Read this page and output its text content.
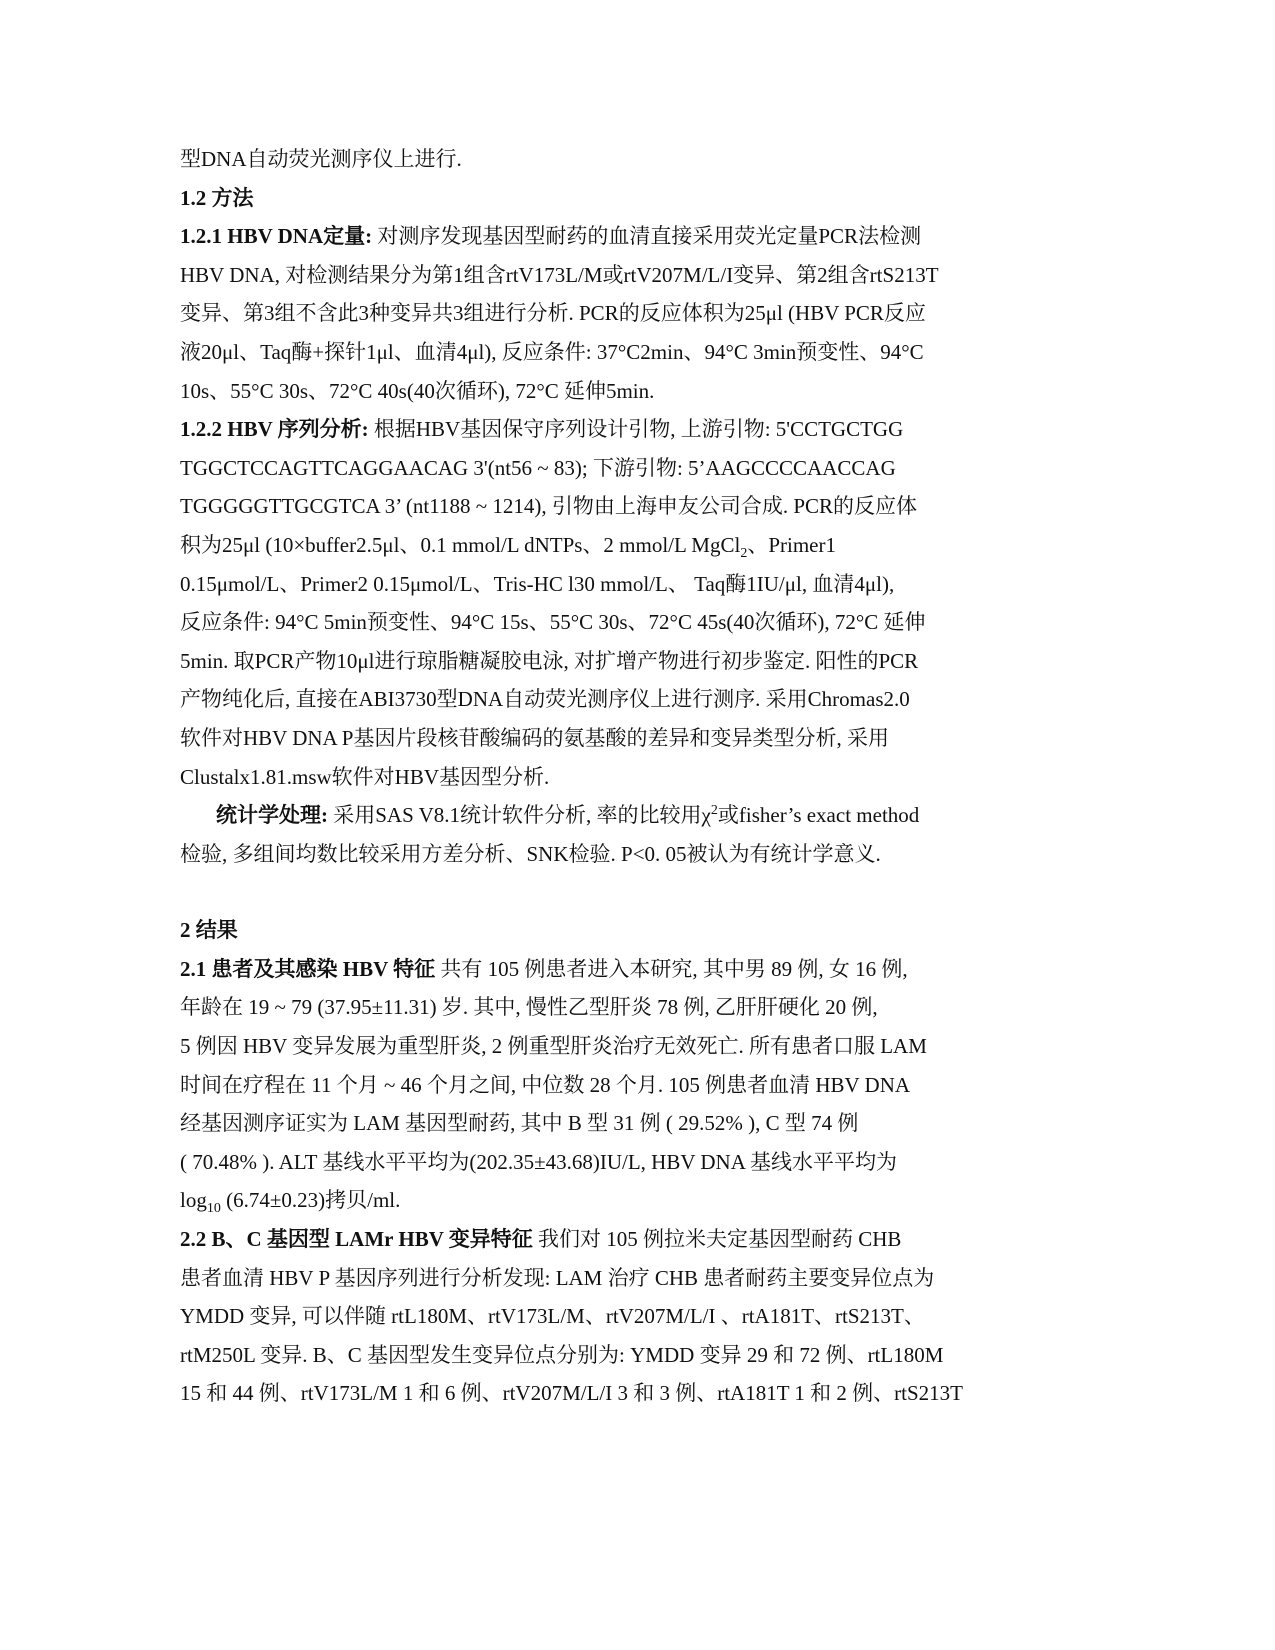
型DNA自动荧光测序仪上进行.
1.2 方法
1.2.1 HBV DNA定量: 对测序发现基因型耐药的血清直接采用荧光定量PCR法检测
HBV DNA, 对检测结果分为第1组含rtV173L/M或rtV207M/L/I变异、第2组含rtS213T
变异、第3组不含此3种变异共3组进行分析. PCR的反应体积为25μl (HBV PCR反应
液20μl、Taq酶+探针1μl、血清4μl), 反应条件: 37°C2min、94°C 3min预变性、94°C
10s、55°C 30s、72°C 40s(40次循环), 72°C 延伸5min.
1.2.2 HBV 序列分析: 根据HBV基因保守序列设计引物, 上游引物: 5'CCTGCTGG
TGGCTCCAGTTCAGGAACAG 3'(nt56 ~ 83); 下游引物: 5’AAGCCCCAACCAG
TGGGGGTTGCGTCA 3’ (nt1188 ~ 1214), 引物由上海申友公司合成. PCR的反应体
积为25μl (10×buffer2.5μl、0.1 mmol/L dNTPs、2 mmol/L MgCl$_2$、Primer1
0.15μmol/L、Primer2 0.15μmol/L、Tris-HC l30 mmol/L、 Taq酶1IU/μl, 血清4μl),
反应条件: 94°C 5min预变性、94°C 15s、55°C 30s、72°C 45s(40次循环), 72°C 延伸
5min. 取PCR产物10μl进行琼脂糖凝胶电泳, 对扩增产物进行初步鉴定. 阳性的PCR
产物纯化后, 直接在ABI3730型DNA自动荧光测序仪上进行测序. 采用Chromas2.0
软件对HBV DNA P基因片段核苷酸编码的氨基酸的差异和变异类型分析, 采用
Clustalx1.81.msw软件对HBV基因型分析.
统计学处理: 采用SAS V8.1统计软件分析, 率的比较用$\chi^2$或fisher’s exact method
检验, 多组间均数比较采用方差分析、SNK检验. P<0. 05被认为有统计学意义.
2 结果
2.1 患者及其感染 HBV 特征 共有 105 例患者进入本研究, 其中男 89 例, 女 16 例,
年龄在 19 ~ 79 (37.95±11.31) 岁. 其中, 慢性乙型肝炎 78 例, 乙肝肝硬化 20 例,
5 例因 HBV 变异发展为重型肝炎, 2 例重型肝炎治疗无效死亡. 所有患者口服 LAM
时间在疗程在 11 个月 ~ 46 个月之间, 中位数 28 个月. 105 例患者血清 HBV DNA
经基因测序证实为 LAM 基因型耐药, 其中 B 型 31 例 ( 29.52% ), C 型 74 例
( 70.48% ). ALT 基线水平平均为(202.35±43.68)IU/L, HBV DNA 基线水平平均为
$\log_{10} (6.74\pm 0.23)$拷贝/ml.
2.2 B、C 基因型 LAMr HBV 变异特征 我们对 105 例拉米夫定基因型耐药 CHB
患者血清 HBV P 基因序列进行分析发现: LAM 治疗 CHB 患者耐药主要变异位点为
YMDD 变异, 可以伴随 rtL180M、rtV173L/M、rtV207M/L/I 、rtA181T、rtS213T、
rtM250L 变异. B、C 基因型发生变异位点分别为: YMDD 变异 29 和 72 例、rtL180M
15 和 44 例、rtV173L/M 1 和 6 例、rtV207M/L/I 3 和 3 例、rtA181T 1 和 2 例、rtS213T
